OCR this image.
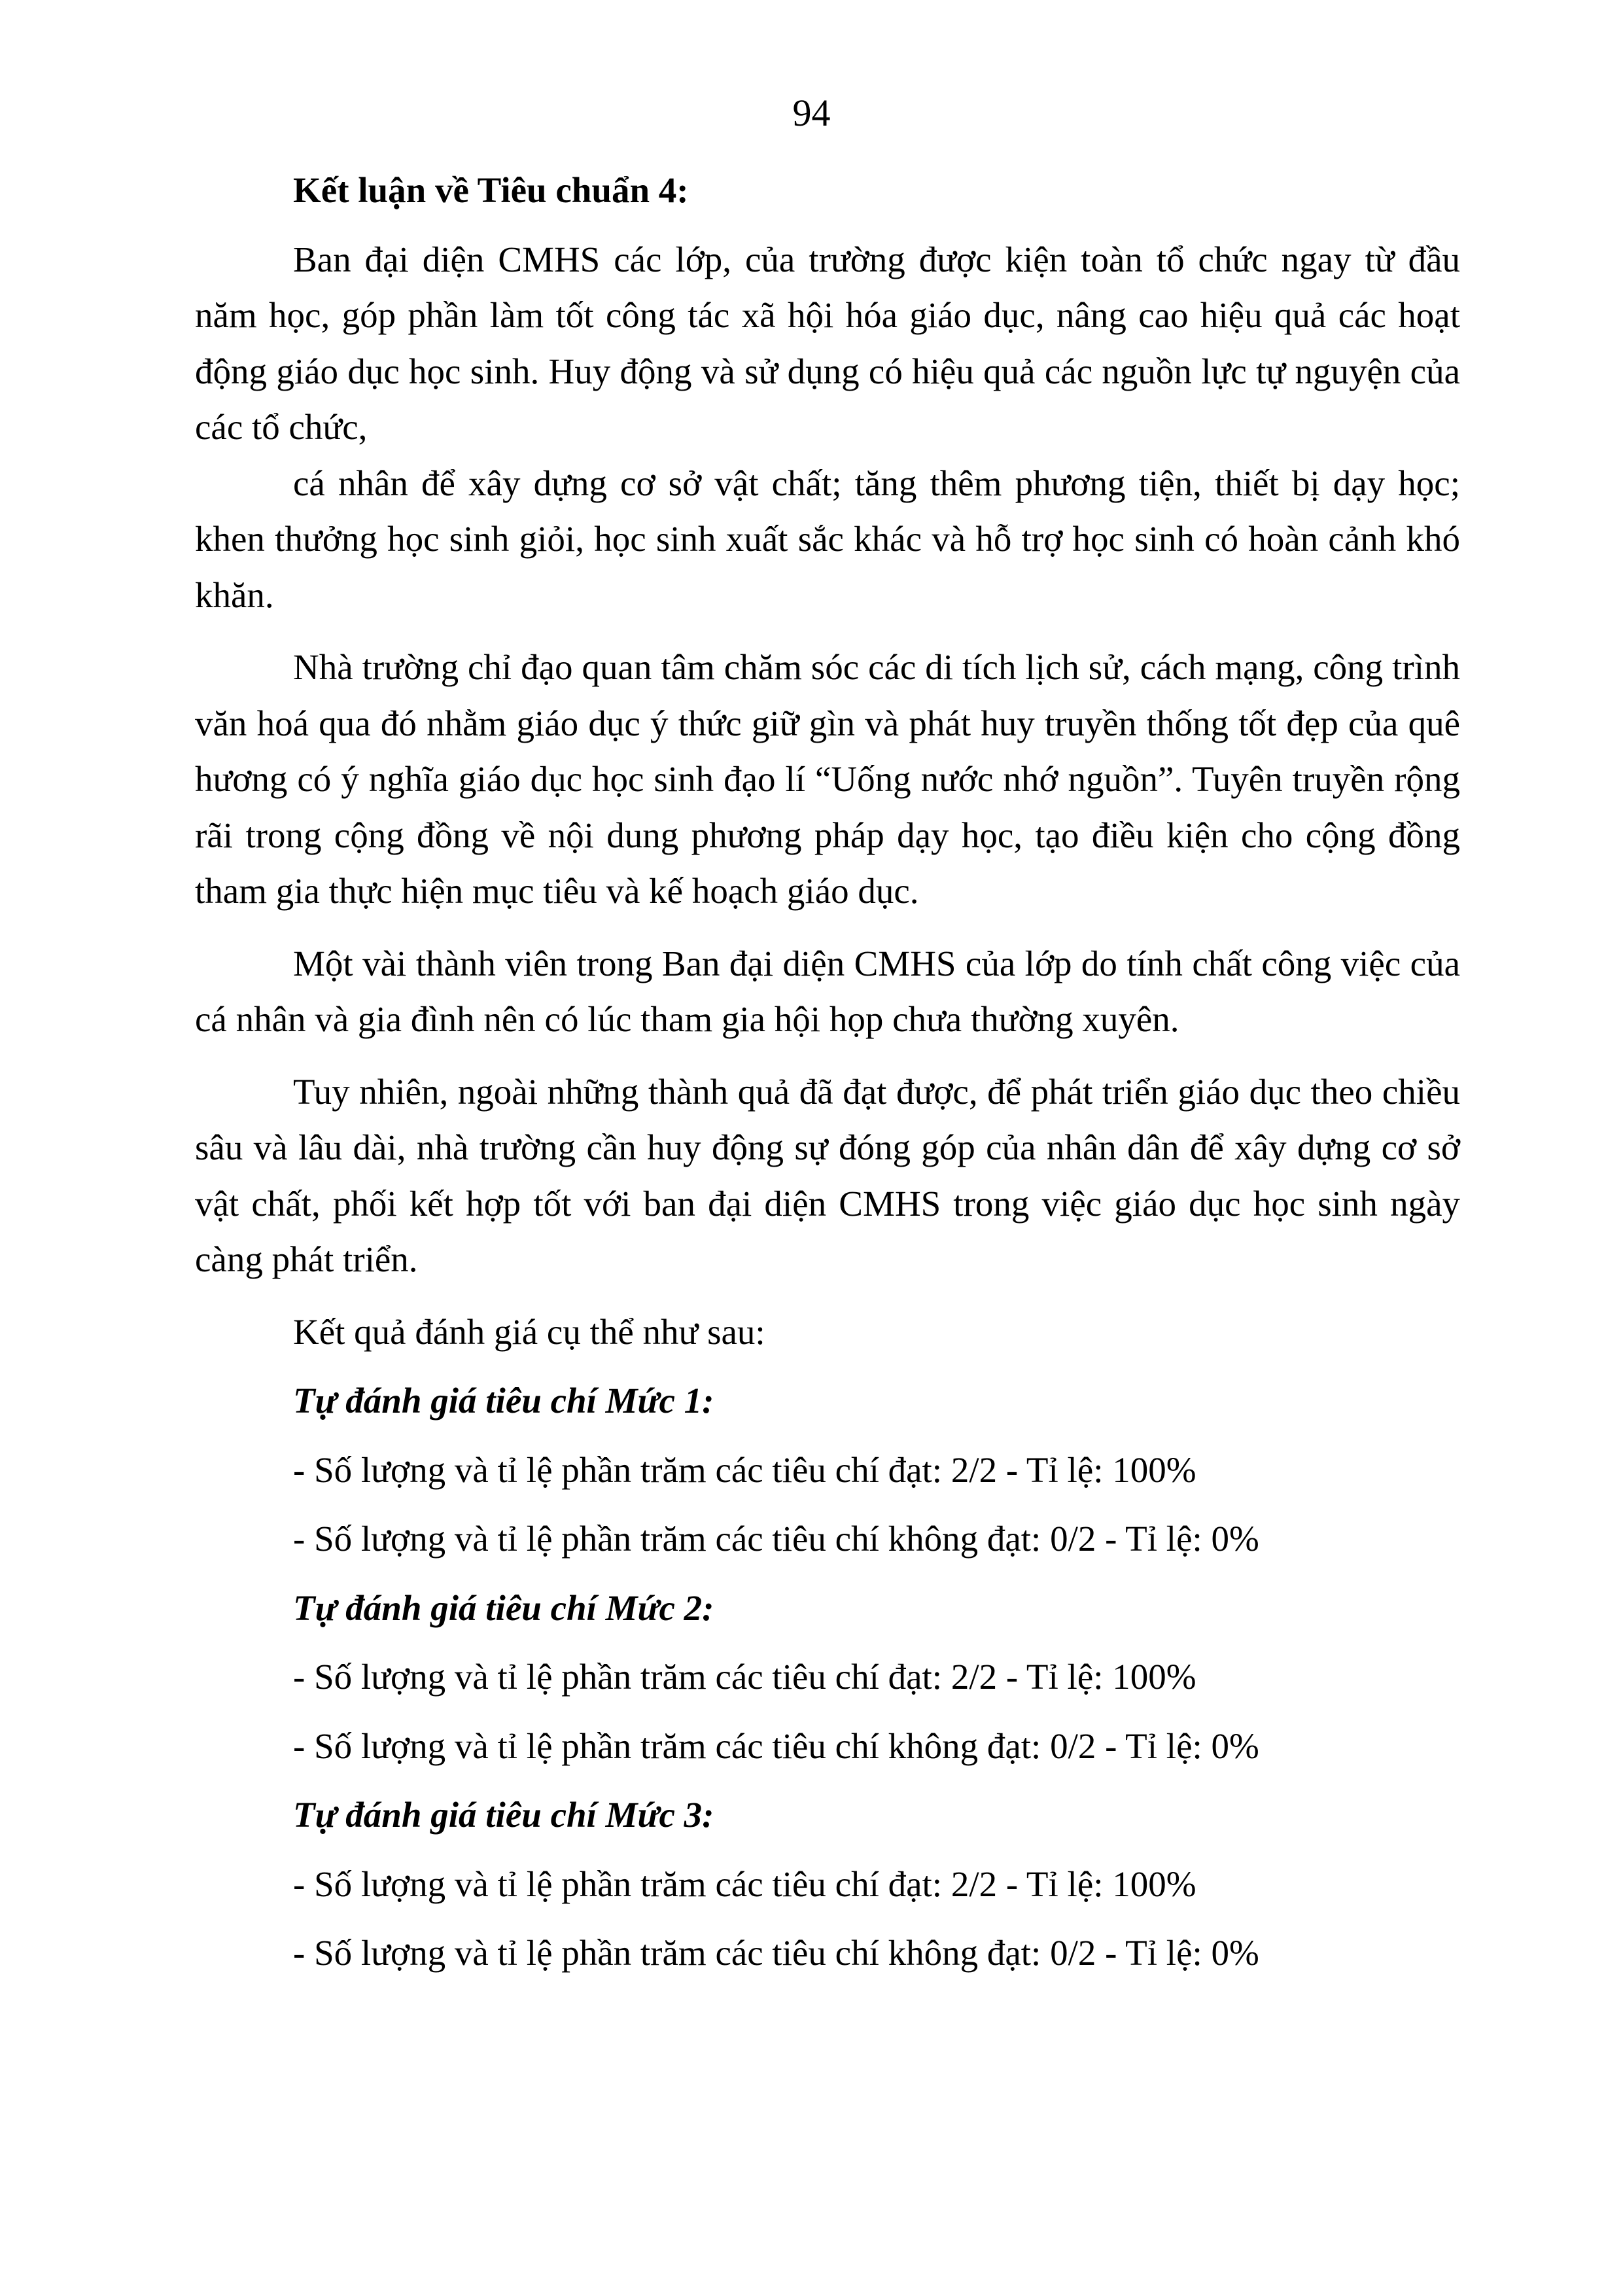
94

Kết luận về Tiêu chuẩn 4:

Ban đại diện CMHS các lớp, của trường được kiện toàn tổ chức ngay từ đầu năm học, góp phần làm tốt công tác xã hội hóa giáo dục, nâng cao hiệu quả các hoạt động giáo dục học sinh. Huy động và sử dụng có hiệu quả các nguồn lực tự nguyện của các tổ chức,

cá nhân để xây dựng cơ sở vật chất; tăng thêm phương tiện, thiết bị dạy học; khen thưởng học sinh giỏi, học sinh xuất sắc khác và hỗ trợ học sinh có hoàn cảnh khó khăn.

Nhà trường chỉ đạo quan tâm chăm sóc các di tích lịch sử, cách mạng, công trình văn hoá qua đó nhằm giáo dục ý thức giữ gìn và phát huy truyền thống tốt đẹp của quê hương có ý nghĩa giáo dục học sinh đạo lí “Uống nước nhớ nguồn”. Tuyên truyền rộng rãi trong cộng đồng về nội dung phương pháp dạy học, tạo điều kiện cho cộng đồng tham gia thực hiện mục tiêu và kế hoạch giáo dục.

Một vài thành viên trong Ban đại diện CMHS của lớp do tính chất công việc của cá nhân và gia đình nên có lúc tham gia hội họp chưa thường xuyên.

Tuy nhiên, ngoài những thành quả đã đạt được, để phát triển giáo dục theo chiều sâu và lâu dài, nhà trường cần huy động sự đóng góp của nhân dân để xây dựng cơ sở vật chất, phối kết hợp tốt với ban đại diện CMHS trong việc giáo dục học sinh ngày càng phát triển.

Kết quả đánh giá cụ thể như sau:

Tự đánh giá tiêu chí Mức 1:

- Số lượng và tỉ lệ phần trăm các tiêu chí đạt: 2/2 - Tỉ lệ: 100%

- Số lượng và tỉ lệ phần trăm các tiêu chí không đạt: 0/2 - Tỉ lệ: 0%

Tự đánh giá tiêu chí Mức 2:

- Số lượng và tỉ lệ phần trăm các tiêu chí đạt: 2/2 - Tỉ lệ: 100%

- Số lượng và tỉ lệ phần trăm các tiêu chí không đạt: 0/2 - Tỉ lệ: 0%

Tự đánh giá tiêu chí Mức 3:

- Số lượng và tỉ lệ phần trăm các tiêu chí đạt: 2/2 - Tỉ lệ: 100%

- Số lượng và tỉ lệ phần trăm các tiêu chí không đạt: 0/2 - Tỉ lệ: 0%
